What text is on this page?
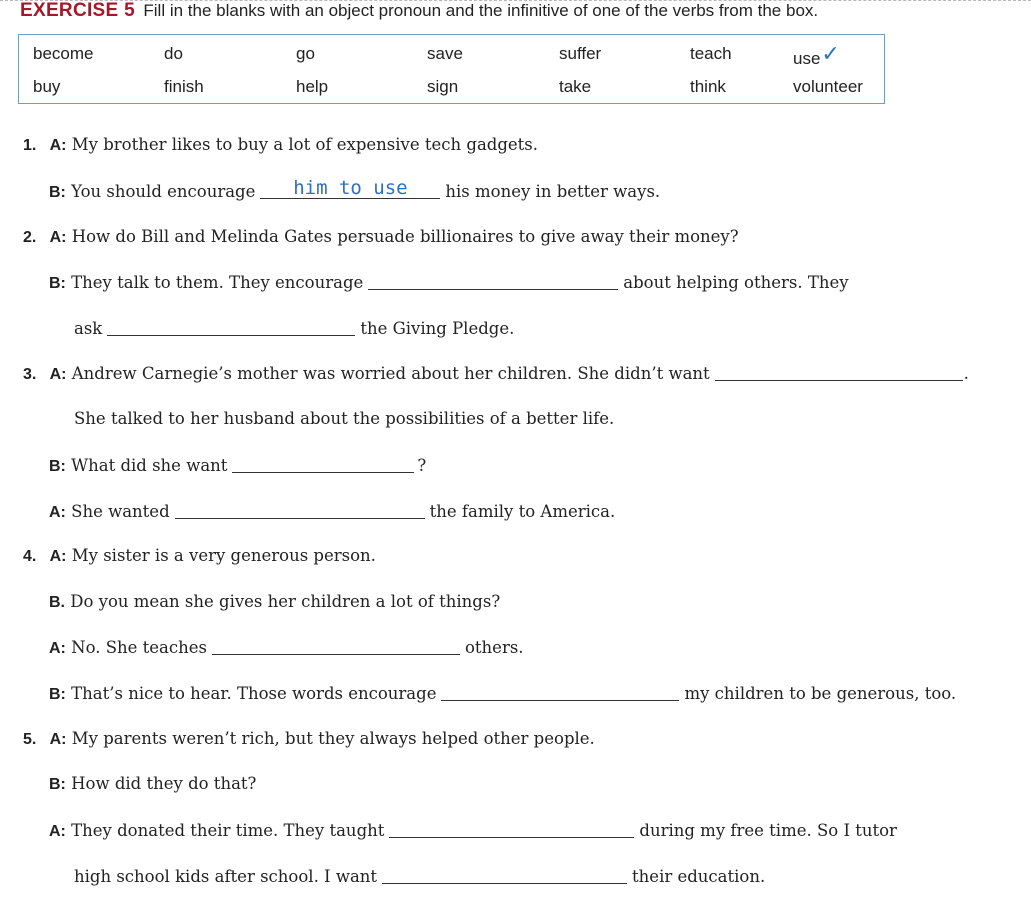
EXERCISE 5 Fill in the blanks with an object pronoun and the infinitive of one of the verbs from the box.
become	do	go	save	suffer	teach	use✓
buy	finish	help	sign	take	think	volunteer
1. A: My brother likes to buy a lot of expensive tech gadgets.
B: You should encourage	him to use	his money in better ways.
2. A: How do Bill and Melinda Gates persuade billionaires to give away their money?
B: They talk to them. They encourage	about helping others. They
ask	the Giving Pledge.
3. A: Andrew Carnegie’s mother was worried about her children. She didn’t want	.
She talked to her husband about the possibilities of a better life.
B: What did she want	?
A: She wanted	the family to America.
4. A: My sister is a very generous person.
B. Do you mean she gives her children a lot of things?
A: No. She teaches	others.
B: That’s nice to hear. Those words encourage	my children to be generous, too.
5. A: My parents weren’t rich, but they always helped other people.
B: How did they do that?
A: They donated their time. They taught	during my free time. So I tutor
high school kids after school. I want	their education.
